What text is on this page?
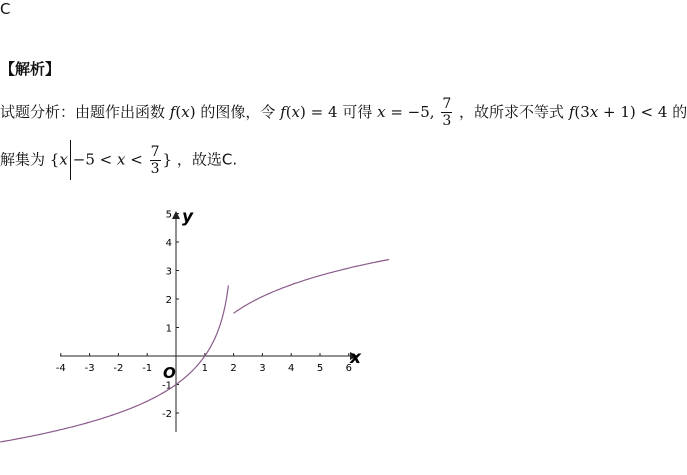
C
【解析】
试题分析：由题作出函数 f(x) 的图像，令 f(x) = 4 可得 x = −5, $\frac{7}{3}$ ，故所求不等式 f(3x + 1) < 4 的
解集为 {$x -5 < x < \frac{7}{3}$ } ，故选C.
-4 -3 -2 -1	1 2 3 4 5 6
5
4
3
2
1
-1
-2
x
y
O
